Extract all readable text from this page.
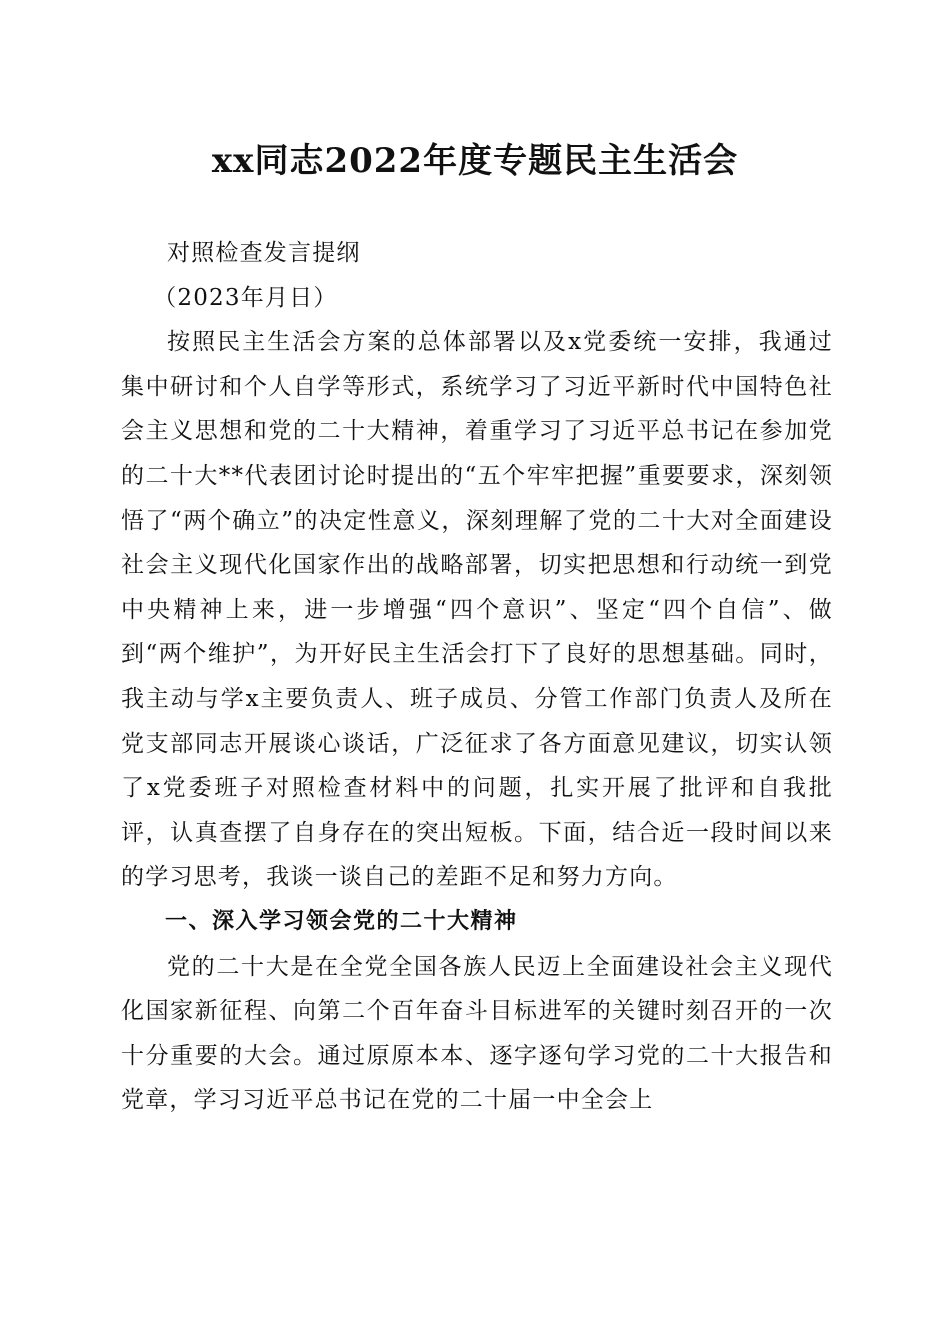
xx同志2022年度专题民主生活会

对照检查发言提纲

（2023年月日）

按照民主生活会方案的总体部署以及x党委统一安排，我通过集中研讨和个人自学等形式，系统学习了习近平新时代中国特色社会主义思想和党的二十大精神，着重学习了习近平总书记在参加党的二十大**代表团讨论时提出的“五个牢牢把握”重要要求，深刻领悟了“两个确立”的决定性意义，深刻理解了党的二十大对全面建设社会主义现代化国家作出的战略部署，切实把思想和行动统一到党中央精神上来，进一步增强“四个意识”、坚定“四个自信”、做到“两个维护”，为开好民主生活会打下了良好的思想基础。同时，我主动与学x主要负责人、班子成员、分管工作部门负责人及所在党支部同志开展谈心谈话，广泛征求了各方面意见建议，切实认领了x党委班子对照检查材料中的问题，扎实开展了批评和自我批评，认真查摆了自身存在的突出短板。下面，结合近一段时间以来的学习思考，我谈一谈自己的差距不足和努力方向。

一、深入学习领会党的二十大精神

党的二十大是在全党全国各族人民迈上全面建设社会主义现代化国家新征程、向第二个百年奋斗目标进军的关键时刻召开的一次十分重要的大会。通过原原本本、逐字逐句学习党的二十大报告和党章，学习习近平总书记在党的二十届一中全会上
